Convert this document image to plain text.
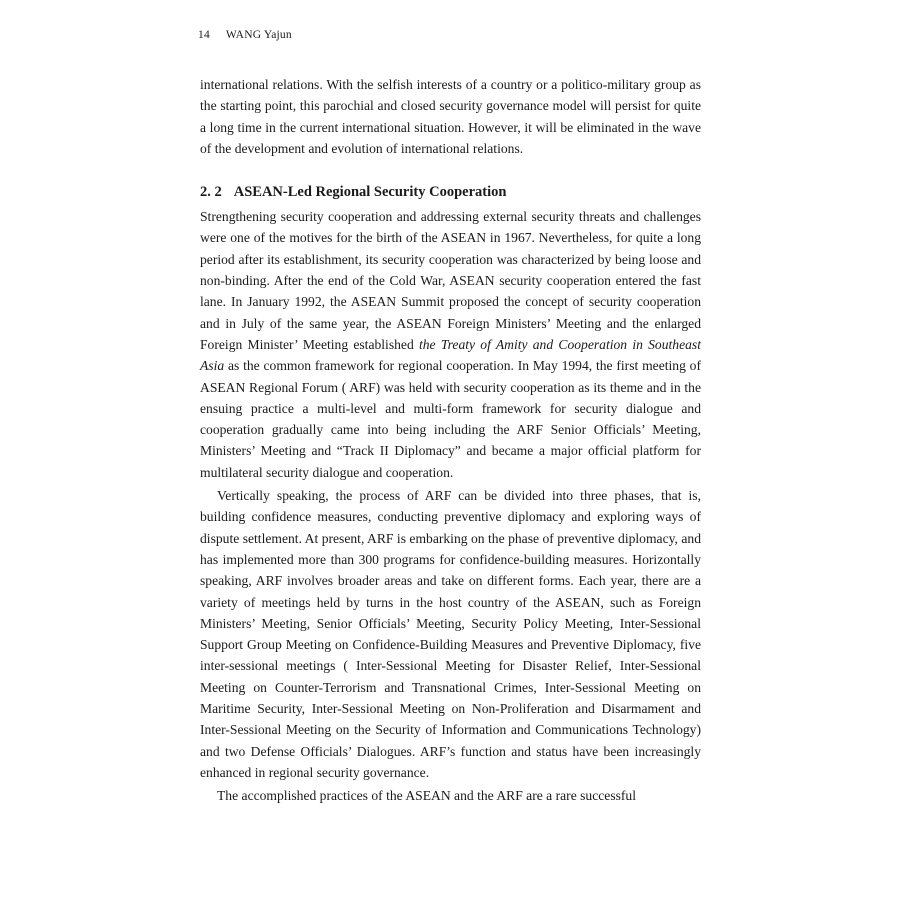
14 WANG Yajun

international relations. With the selfish interests of a country or a politico-military group as the starting point, this parochial and closed security governance model will persist for quite a long time in the current international situation. However, it will be eliminated in the wave of the development and evolution of international relations.

2. 2 ASEAN-Led Regional Security Cooperation

Strengthening security cooperation and addressing external security threats and challenges were one of the motives for the birth of the ASEAN in 1967. Nevertheless, for quite a long period after its establishment, its security cooperation was characterized by being loose and non-binding. After the end of the Cold War, ASEAN security cooperation entered the fast lane. In January 1992, the ASEAN Summit proposed the concept of security cooperation and in July of the same year, the ASEAN Foreign Ministers’ Meeting and the enlarged Foreign Minister’ Meeting established the Treaty of Amity and Cooperation in Southeast Asia as the common framework for regional cooperation. In May 1994, the first meeting of ASEAN Regional Forum ( ARF) was held with security cooperation as its theme and in the ensuing practice a multi-level and multi-form framework for security dialogue and cooperation gradually came into being including the ARF Senior Officials’ Meeting, Ministers’ Meeting and “Track II Diplomacy” and became a major official platform for multilateral security dialogue and cooperation.

Vertically speaking, the process of ARF can be divided into three phases, that is, building confidence measures, conducting preventive diplomacy and exploring ways of dispute settlement. At present, ARF is embarking on the phase of preventive diplomacy, and has implemented more than 300 programs for confidence-building measures. Horizontally speaking, ARF involves broader areas and take on different forms. Each year, there are a variety of meetings held by turns in the host country of the ASEAN, such as Foreign Ministers’ Meeting, Senior Officials’ Meeting, Security Policy Meeting, Inter-Sessional Support Group Meeting on Confidence-Building Measures and Preventive Diplomacy, five inter-sessional meetings ( Inter-Sessional Meeting for Disaster Relief, Inter-Sessional Meeting on Counter-Terrorism and Transnational Crimes, Inter-Sessional Meeting on Maritime Security, Inter-Sessional Meeting on Non-Proliferation and Disarmament and Inter-Sessional Meeting on the Security of Information and Communications Technology) and two Defense Officials’ Dialogues. ARF’s function and status have been increasingly enhanced in regional security governance.

The accomplished practices of the ASEAN and the ARF are a rare successful
